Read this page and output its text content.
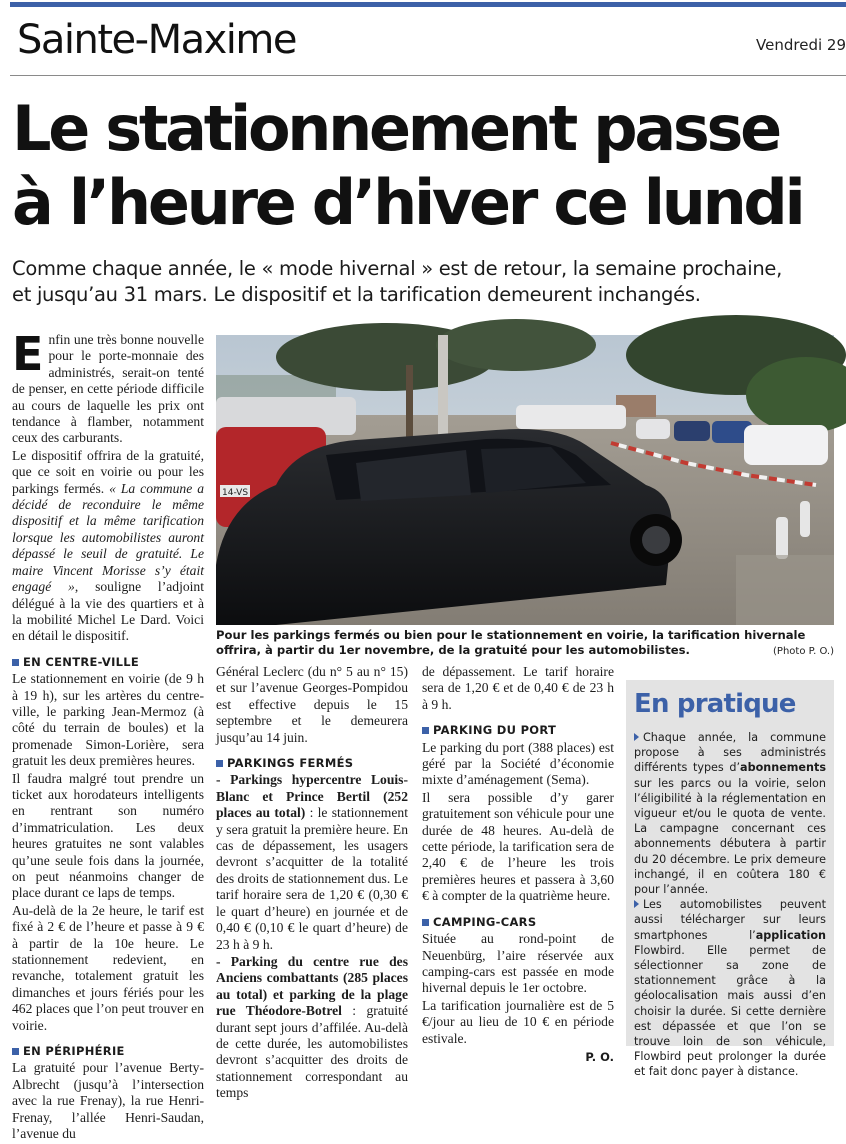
Sainte-Maxime	Vendredi 29
Le stationnement passe
à l’heure d’hiver ce lundi
Comme chaque année, le « mode hivernal » est de retour, la semaine prochaine,
et jusqu’au 31 mars. Le dispositif et la tarification demeurent inchangés.

Enfin une très bonne nouvelle pour le porte-monnaie des administrés, serait-on tenté de penser, en cette période difficile au cours de laquelle les prix ont tendance à flamber, notamment ceux des carburants.

Le dispositif offrira de la gratuité, que ce soit en voirie ou pour les parkings fermés. « La commune a décidé de reconduire le même dispositif et la même tarification lorsque les automobilistes auront dépassé le seuil de gratuité. Le maire Vincent Morisse s’y était engagé », souligne l’adjoint délégué à la vie des quartiers et à la mobilité Michel Le Dard. Voici en détail le dispositif.

EN CENTRE-VILLE

Le stationnement en voirie (de 9 h à 19 h), sur les artères du centre-ville, le parking Jean-Mermoz (à côté du terrain de boules) et la promenade Simon-Lorière, sera gratuit les deux premières heures.

Il faudra malgré tout prendre un ticket aux horodateurs intelligents en rentrant son numéro d’immatriculation. Les deux heures gratuites ne sont valables qu’une seule fois dans la journée, on peut néanmoins changer de place durant ce laps de temps.

Au-delà de la 2e heure, le tarif est fixé à 2 € de l’heure et passe à 9 € à partir de la 10e heure. Le stationnement redevient, en revanche, totalement gratuit les dimanches et jours fériés pour les 462 places que l’on peut trouver en voirie.

EN PÉRIPHÉRIE

La gratuité pour l’avenue Berty-Albrecht (jusqu’à l’intersection avec la rue Frenay), la rue Henri-Frenay, l’allée Henri-Saudan, l’avenue du

14-VS
Pour les parkings fermés ou bien pour le stationnement en voirie, la tarification hivernale offrira, à partir du 1er novembre, de la gratuité pour les automobilistes.	(Photo P. O.)

Général Leclerc (du n° 5 au n° 15) et sur l’avenue Georges-Pompidou est effective depuis le 15 septembre et le demeurera jusqu’au 14 juin.

PARKINGS FERMÉS

- Parkings hypercentre Louis-Blanc et Prince Bertil (252 places au total) : le stationnement y sera gratuit la première heure. En cas de dépassement, les usagers devront s’acquitter de la totalité des droits de stationnement dus. Le tarif horaire sera de 1,20 € (0,30 € le quart d’heure) en journée et de 0,40 € (0,10 € le quart d’heure) de 23 h à 9 h.

- Parking du centre rue des Anciens combattants (285 places au total) et parking de la plage rue Théodore-Botrel : gratuité durant sept jours d’affilée. Au-delà de cette durée, les automobilistes devront s’acquitter des droits de stationnement correspondant au temps

de dépassement. Le tarif horaire sera de 1,20 € et de 0,40 € de 23 h à 9 h.

PARKING DU PORT

Le parking du port (388 places) est géré par la Société d’économie mixte d’aménagement (Sema).

Il sera possible d’y garer gratuitement son véhicule pour une durée de 48 heures. Au-delà de cette période, la tarification sera de 2,40 € de l’heure les trois premières heures et passera à 3,60 € à compter de la quatrième heure.

CAMPING-CARS

Située au rond-point de Neuenbürg, l’aire réservée aux camping-cars est passée en mode hivernal depuis le 1er octobre.

La tarification journalière est de 5 €/jour au lieu de 10 € en période estivale.

P. O.
En pratique

Chaque année, la commune propose à ses administrés différents types d’abonnements sur les parcs ou la voirie, selon l’éligibilité à la réglementation en vigueur et/ou le quota de vente. La campagne concernant ces abonnements débutera à partir du 20 décembre. Le prix demeure inchangé, il en coûtera 180 € pour l’année.

Les automobilistes peuvent aussi télécharger sur leurs smartphones l’application Flowbird. Elle permet de sélectionner sa zone de stationnement grâce à la géolocalisation mais aussi d’en choisir la durée. Si cette dernière est dépassée et que l’on se trouve loin de son véhicule, Flowbird peut prolonger la durée et fait donc payer à distance.
